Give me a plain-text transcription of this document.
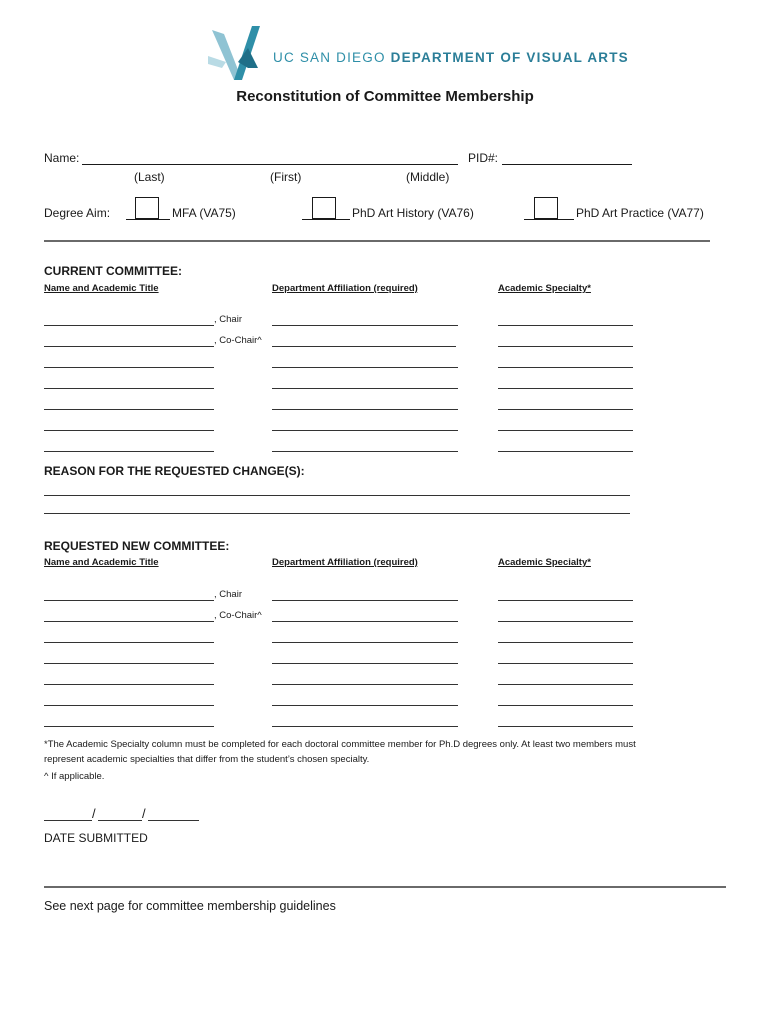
UC SAN DIEGO DEPARTMENT OF VISUAL ARTS
Reconstitution of Committee Membership
Name:	PID#:
(Last)	(First)	(Middle)
Degree Aim:	MFA (VA75)	PhD Art History (VA76)	PhD Art Practice (VA77)
CURRENT COMMITTEE:
Name and Academic Title	Department Affiliation (required)	Academic Specialty*
, Chair
, Co-Chair^
REASON FOR THE REQUESTED CHANGE(S):
REQUESTED NEW COMMITTEE:
Name and Academic Title	Department Affiliation (required)	Academic Specialty*
, Chair
, Co-Chair^
*The Academic Specialty column must be completed for each doctoral committee member for Ph.D degrees only. At least two members must
represent academic specialties that differ from the student’s chosen specialty.
^ If applicable.
/	/
DATE SUBMITTED
See next page for committee membership guidelines
